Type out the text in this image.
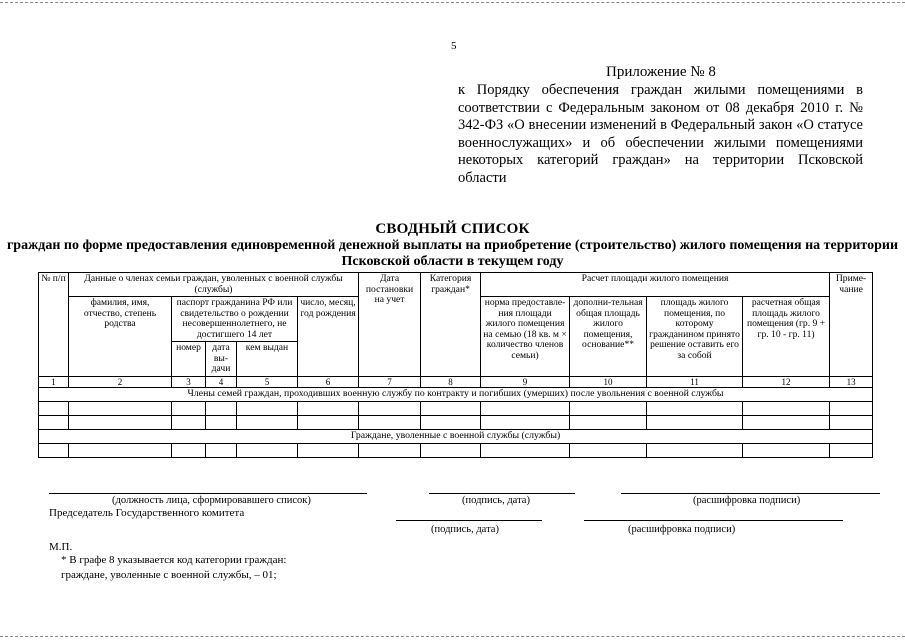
5
Приложение № 8
к Порядку обеспечения граждан жилыми помещениями в соответствии с Федеральным законом от 08 декабря 2010 г. № 342-ФЗ «О внесении изменений в Федеральный закон «О статусе военнослужащих» и об обеспечении жилыми помещениями некоторых категорий граждан» на территории Псковской области
СВОДНЫЙ СПИСОК
граждан по форме предоставления единовременной денежной выплаты на приобретение (строительство) жилого помещения на территории Псковской области в текущем году
№ п/п	Данные о членах семьи граждан, уволенных с военной службы (службы)					Дата постановки на учет	Категория граждан*	Расчет площади жилого помещения				Приме-чание
	фамилия, имя, отчество, степень родства	паспорт гражданина РФ или свидетельство о рождении несовершеннолетнего, не достигшего 14 лет			число, месяц, год рождения			норма предоставле-ния площади жилого помещения на семью (18 кв. м × количество членов семьи)	дополни-тельная общая площадь жилого помещения, основание**	площадь жилого помещения, по которому гражданином принято решение оставить его за собой	расчетная общая площадь жилого помещения (гр. 9 + гр. 10 - гр. 11)	
		номер	дата вы-дачи	кем выдан								
1	2	3	4	5	6	7	8	9	10	11	12	13
Члены семей граждан, проходивших военную службу по контракту и погибших (умерших) после увольнения с военной службы												

Граждане, уволенные с военной службы (службы)												

(должность лица, сформировавшего список)	(подпись, дата)	(расшифровка подписи)
Председатель Государственного комитета
(подпись, дата)	(расшифровка подписи)
М.П.
* В графе 8 указывается код категории граждан:
граждане, уволенные с военной службы, – 01;
